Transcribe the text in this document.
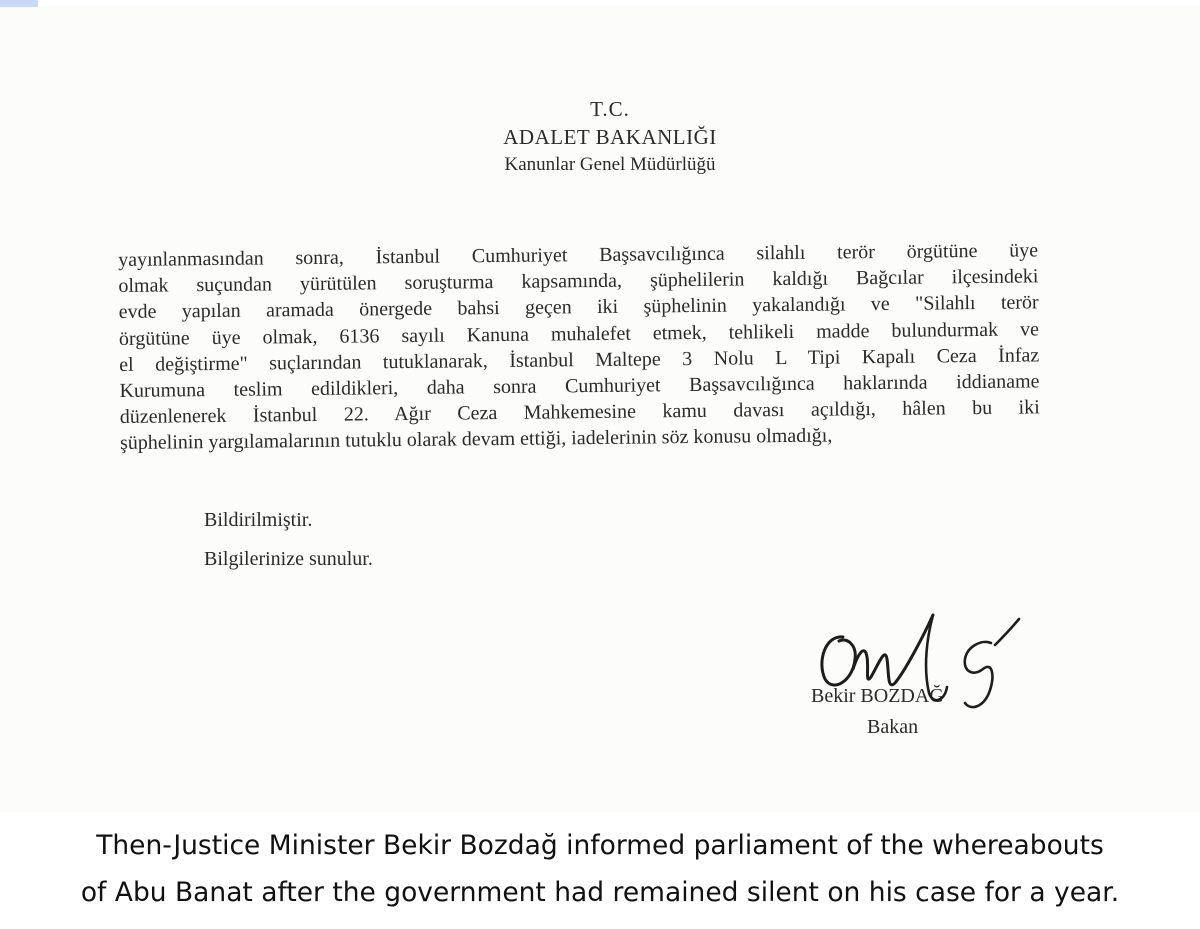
T.C.
ADALET BAKANLIĞI
Kanunlar Genel Müdürlüğü
yayınlanmasından sonra, İstanbul Cumhuriyet Başsavcılığınca silahlı terör örgütüne üye
olmak suçundan yürütülen soruşturma kapsamında, şüphelilerin kaldığı Bağcılar ilçesindeki
evde yapılan aramada önergede bahsi geçen iki şüphelinin yakalandığı ve "Silahlı terör
örgütüne üye olmak, 6136 sayılı Kanuna muhalefet etmek, tehlikeli madde bulundurmak ve
el değiştirme" suçlarından tutuklanarak, İstanbul Maltepe 3 Nolu L Tipi Kapalı Ceza İnfaz
Kurumuna teslim edildikleri, daha sonra Cumhuriyet Başsavcılığınca haklarında iddianame
düzenlenerek İstanbul 22. Ağır Ceza Mahkemesine kamu davası açıldığı, hâlen bu iki
şüphelinin yargılamalarının tutuklu olarak devam ettiği, iadelerinin söz konusu olmadığı,
Bildirilmiştir.
Bilgilerinize sunulur.
Bekir BOZDAĞ
Bakan
Then-Justice Minister Bekir Bozdağ informed parliament of the whereabouts
of Abu Banat after the government had remained silent on his case for a year.
